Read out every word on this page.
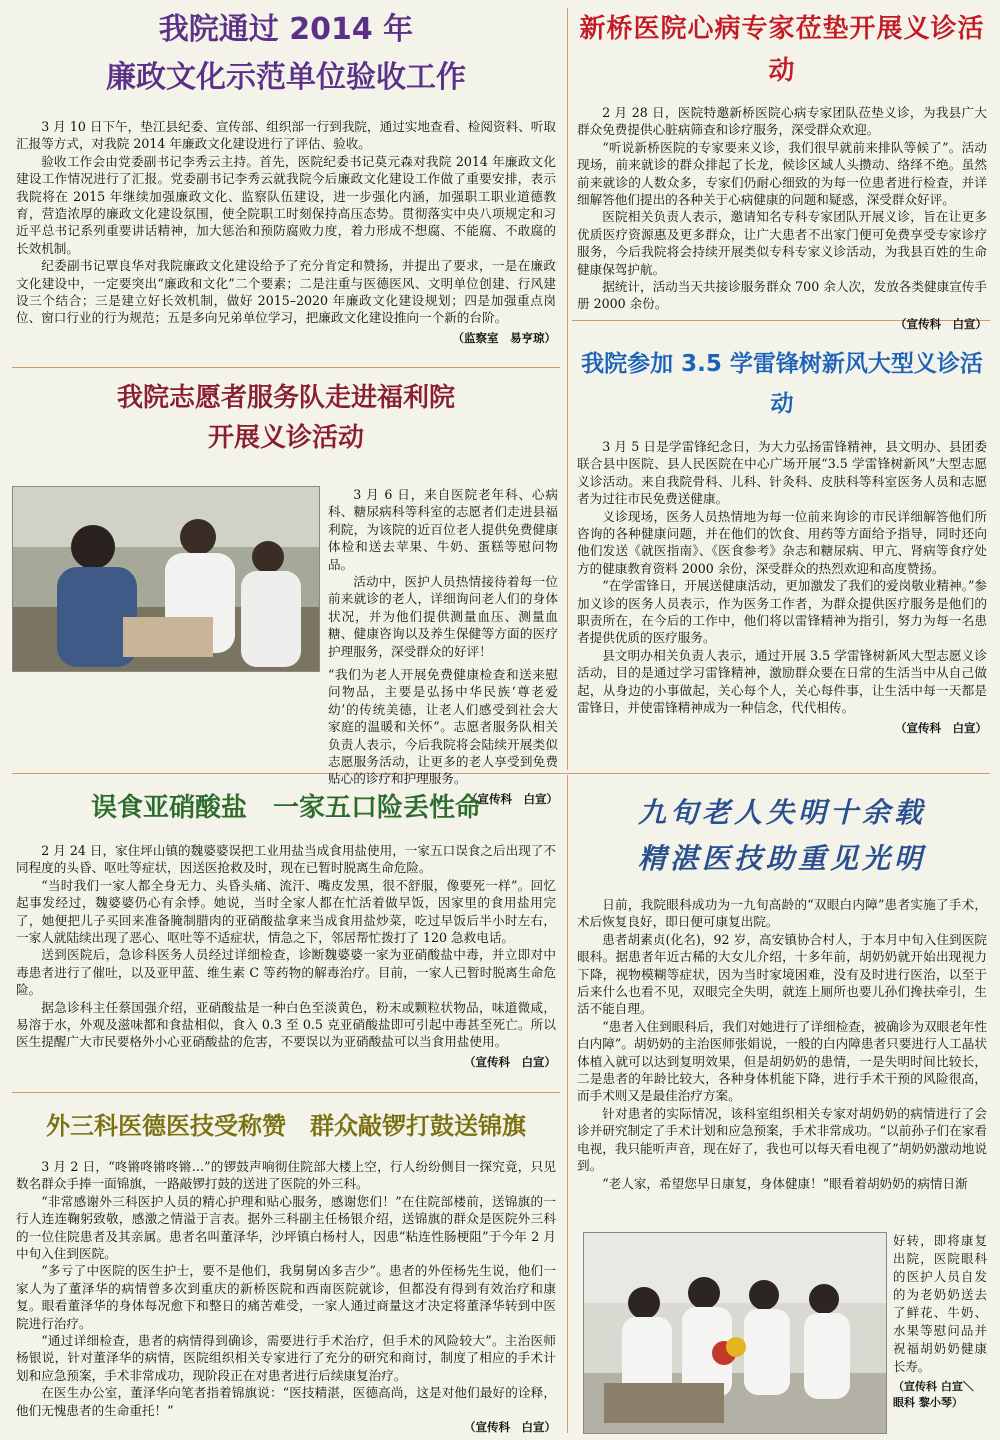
我院通过 2014 年
廉政文化示范单位验收工作

3 月 10 日下午，垫江县纪委、宣传部、组织部一行到我院，通过实地查看、检阅资料、听取汇报等方式，对我院 2014 年廉政文化建设进行了评估、验收。

验收工作会由党委副书记李秀云主持。首先，医院纪委书记莫元森对我院 2014 年廉政文化建设工作情况进行了汇报。党委副书记李秀云就我院今后廉政文化建设工作做了重要安排，表示我院将在 2015 年继续加强廉政文化、监察队伍建设，进一步强化内涵，加强职工职业道德教育，营造浓厚的廉政文化建设氛围，使全院职工时刻保持高压态势。贯彻落实中央八项规定和习近平总书记系列重要讲话精神，加大惩治和预防腐败力度，着力形成不想腐、不能腐、不敢腐的长效机制。

纪委副书记覃良华对我院廉政文化建设给予了充分肯定和赞扬，并提出了要求，一是在廉政文化建设中，一定要突出“廉政和文化”二个要素；二是注重与医德医风、文明单位创建、行风建设三个结合；三是建立好长效机制，做好 2015–2020 年廉政文化建设规划；四是加强重点岗位、窗口行业的行为规范；五是多向兄弟单位学习，把廉政文化建设推向一个新的台阶。

（监察室　易亨琼）
新桥医院心病专家莅垫开展义诊活动

2 月 28 日，医院特邀新桥医院心病专家团队莅垫义诊，为我县广大群众免费提供心脏病筛查和诊疗服务，深受群众欢迎。

“听说新桥医院的专家要来义诊，我们很早就前来排队等候了”。活动现场，前来就诊的群众排起了长龙，候诊区域人头攒动、络绎不绝。虽然前来就诊的人数众多，专家们仍耐心细致的为每一位患者进行检查，并详细解答他们提出的各种关于心病健康的问题和疑惑，深受群众好评。

医院相关负责人表示，邀请知名专科专家团队开展义诊，旨在让更多优质医疗资源惠及更多群众，让广大患者不出家门便可免费享受专家诊疗服务，今后我院将会持续开展类似专科专家义诊活动，为我县百姓的生命健康保驾护航。

据统计，活动当天共接诊服务群众 700 余人次，发放各类健康宣传手册 2000 余份。

（宣传科　白宣）
我院志愿者服务队走进福利院
开展义诊活动

3 月 6 日，来自医院老年科、心病科、糖尿病科等科室的志愿者们走进县福利院，为该院的近百位老人提供免费健康体检和送去苹果、牛奶、蛋糕等慰问物品。

活动中，医护人员热情接待着每一位前来就诊的老人，详细询问老人们的身体状况，并为他们提供测量血压、测量血糖、健康咨询以及养生保健等方面的医疗护理服务，深受群众的好评！

“我们为老人开展免费健康检查和送来慰问物品，主要是弘扬中华民族‘尊老爱幼’的传统美德，让老人们感受到社会大家庭的温暖和关怀”。志愿者服务队相关负责人表示，今后我院将会陆续开展类似志愿服务活动，让更多的老人享受到免费贴心的诊疗和护理服务。

（宣传科　白宣）
我院参加 3.5 学雷锋树新风大型义诊活动

3 月 5 日是学雷锋纪念日，为大力弘扬雷锋精神，县文明办、县团委联合县中医院、县人民医院在中心广场开展“3.5 学雷锋树新风”大型志愿义诊活动。来自我院骨科、儿科、针灸科、皮肤科等科室医务人员和志愿者为过往市民免费送健康。

义诊现场，医务人员热情地为每一位前来询诊的市民详细解答他们所咨询的各种健康问题，并在他们的饮食、用药等方面给予指导，同时还向他们发送《就医指南》、《医食参考》杂志和糖尿病、甲亢、肾病等食疗处方的健康教育资料 2000 余份，深受群众的热烈欢迎和高度赞扬。

“在学雷锋日，开展送健康活动，更加激发了我们的爱岗敬业精神。”参加义诊的医务人员表示，作为医务工作者，为群众提供医疗服务是他们的职责所在，在今后的工作中，他们将以雷锋精神为指引，努力为每一名患者提供优质的医疗服务。

县文明办相关负责人表示，通过开展 3.5 学雷锋树新风大型志愿义诊活动，目的是通过学习雷锋精神，激励群众要在日常的生活当中从自己做起，从身边的小事做起，关心每个人，关心每件事，让生活中每一天都是雷锋日，并使雷锋精神成为一种信念，代代相传。

（宣传科　白宣）
误食亚硝酸盐　一家五口险丢性命

2 月 24 日，家住坪山镇的魏婆婆误把工业用盐当成食用盐使用，一家五口误食之后出现了不同程度的头昏、呕吐等症状，因送医抢救及时，现在已暂时脱离生命危险。

“当时我们一家人都全身无力、头昏头痛、流汗、嘴皮发黑，很不舒服，像要死一样”。回忆起事发经过，魏婆婆仍心有余悸。她说，当时全家人都在忙活着做早饭，因家里的食用盐用完了，她便把儿子买回来准备腌制腊肉的亚硝酸盐拿来当成食用盐炒菜，吃过早饭后半小时左右，一家人就陆续出现了恶心、呕吐等不适症状，情急之下，邻居帮忙拨打了 120 急救电话。

送到医院后，急诊科医务人员经过详细检查，诊断魏婆婆一家为亚硝酸盐中毒，并立即对中毒患者进行了催吐，以及亚甲蓝、维生素 C 等药物的解毒治疗。目前，一家人已暂时脱离生命危险。

据急诊科主任蔡国强介绍，亚硝酸盐是一种白色至淡黄色，粉末或颗粒状物品，味道微咸，易溶于水，外观及滋味都和食盐相似，食入 0.3 至 0.5 克亚硝酸盐即可引起中毒甚至死亡。所以医生提醒广大市民要格外小心亚硝酸盐的危害，不要误以为亚硝酸盐可以当食用盐使用。

（宣传科　白宣）
九旬老人失明十余载
精湛医技助重见光明

日前，我院眼科成功为一九旬高龄的“双眼白内障”患者实施了手术，术后恢复良好，即日便可康复出院。

患者胡素贞(化名)，92 岁，高安镇协合村人，于本月中旬入住到医院眼科。据患者年近古稀的大女儿介绍，十多年前，胡奶奶就开始出现视力下降，视物模糊等症状，因为当时家境困难，没有及时进行医治，以至于后来什么也看不见，双眼完全失明，就连上厕所也要儿孙们搀扶牵引，生活不能自理。

“患者入住到眼科后，我们对她进行了详细检查，被确诊为双眼老年性白内障”。胡奶奶的主治医师张娟说，一般的白内障患者只要进行人工晶状体植入就可以达到复明效果，但是胡奶奶的患情，一是失明时间比较长，二是患者的年龄比较大，各种身体机能下降，进行手术干预的风险很高，而手术则又是最佳治疗方案。

针对患者的实际情况，该科室组织相关专家对胡奶奶的病情进行了会诊并研究制定了手术计划和应急预案，手术非常成功。“以前孙子们在家看电视，我只能听声音，现在好了，我也可以每天看电视了”胡奶奶激动地说到。

“老人家，希望您早日康复，身体健康！”眼看着胡奶奶的病情日渐

好转，即将康复出院，医院眼科的医护人员自发的为老奶奶送去了鲜花、牛奶、水果等慰问品并祝福胡奶奶健康长寿。

（宣传科 白宣＼
眼科 黎小琴）
外三科医德医技受称赞　群众敲锣打鼓送锦旗

3 月 2 日，“咚锵咚锵咚锵…”的锣鼓声响彻住院部大楼上空，行人纷纷侧目一探究竟，只见数名群众手捧一面锦旗，一路敲锣打鼓的送进了医院的外三科。

“非常感谢外三科医护人员的精心护理和贴心服务，感谢您们！”在住院部楼前，送锦旗的一行人连连鞠躬致敬，感激之情溢于言表。据外三科副主任杨银介绍，送锦旗的群众是医院外三科的一位住院患者及其亲属。患者名叫董泽华，沙坪镇白杨村人，因患“粘连性肠梗阻”于今年 2 月中旬入住到医院。

“多亏了中医院的医生护士，要不是他们，我舅舅凶多吉少”。患者的外侄杨先生说，他们一家人为了董泽华的病情曾多次到重庆的新桥医院和西南医院就诊，但都没有得到有效治疗和康复。眼看董泽华的身体每况愈下和整日的痛苦难受，一家人通过商量这才决定将董泽华转到中医院进行治疗。

“通过详细检查，患者的病情得到确诊，需要进行手术治疗，但手术的风险较大”。主治医师杨银说，针对董泽华的病情，医院组织相关专家进行了充分的研究和商讨，制度了相应的手术计划和应急预案，手术非常成功，现阶段正在对患者进行后续康复治疗。

在医生办公室，董泽华向笔者指着锦旗说：“医技精湛，医德高尚，这是对他们最好的诠释，他们无愧患者的生命重托！”

（宣传科　白宣）
